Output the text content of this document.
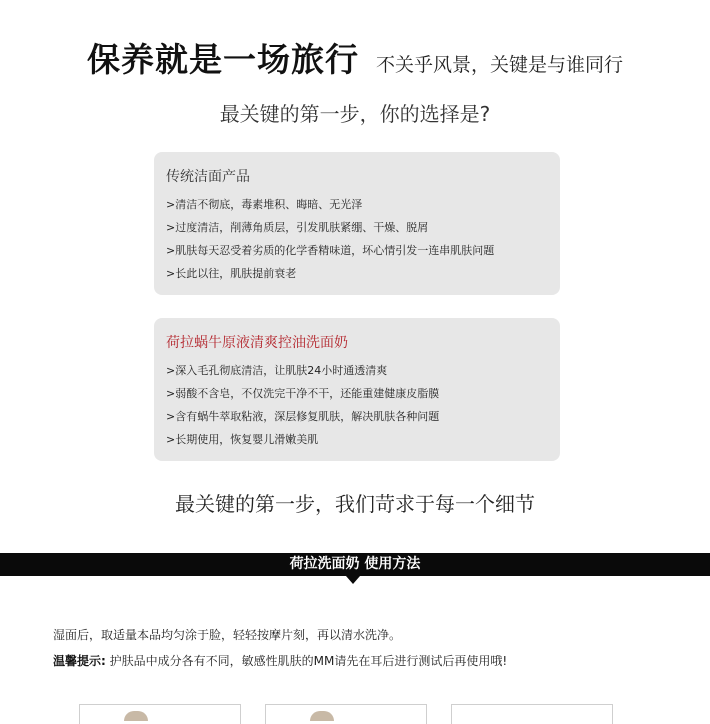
保养就是一场旅行 不关乎风景，关键是与谁同行
最关键的第一步，你的选择是?
传统洁面产品
>清洁不彻底，毒素堆积、晦暗、无光泽
>过度清洁，削薄角质层，引发肌肤紧绷、干燥、脱屑
>肌肤每天忍受着劣质的化学香精味道，坏心情引发一连串肌肤问题
>长此以往，肌肤提前衰老
荷拉蜗牛原液清爽控油洗面奶
>深入毛孔彻底清洁，让肌肤24小时通透清爽
>弱酸不含皂，不仅洗完干净不干，还能重建健康皮脂膜
>含有蜗牛萃取粘液，深层修复肌肤，解决肌肤各种问题
>长期使用，恢复婴儿滑嫩美肌
最关键的第一步，我们苛求于每一个细节
荷拉洗面奶 使用方法
湿面后，取适量本品均匀涂于脸，轻轻按摩片刻，再以清水洗净。
温馨提示: 护肤品中成分各有不同，敏感性肌肤的MM请先在耳后进行测试后再使用哦!
